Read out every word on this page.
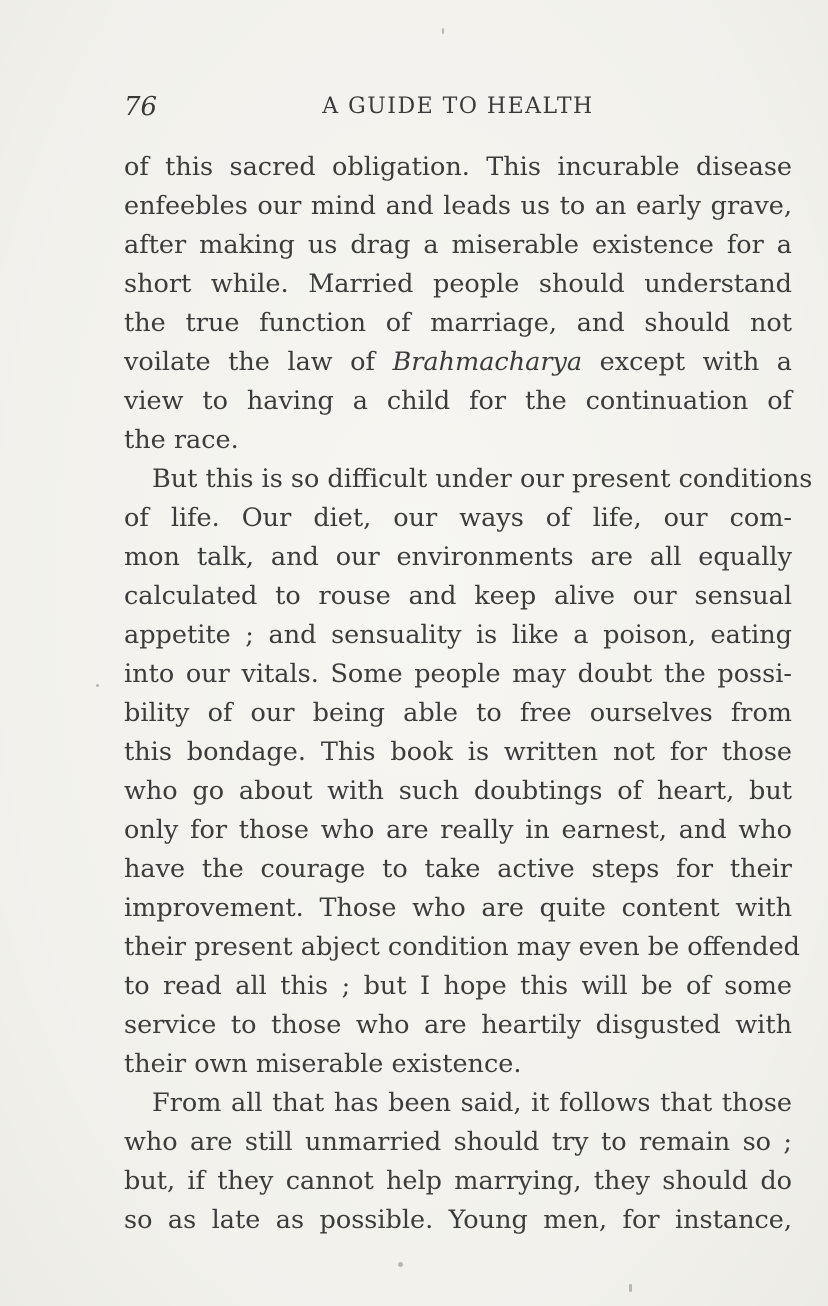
76	A GUIDE TO HEALTH
of this sacred obligation. This incurable disease
enfeebles our mind and leads us to an early grave,
after making us drag a miserable existence for a
short while. Married people should understand
the true function of marriage, and should not
voilate the law of Brahmacharya except with a
view to having a child for the continuation of
the race.
But this is so difficult under our present conditions
of life. Our diet, our ways of life, our com-
mon talk, and our environments are all equally
calculated to rouse and keep alive our sensual
appetite ; and sensuality is like a poison, eating
into our vitals. Some people may doubt the possi-
bility of our being able to free ourselves from
this bondage. This book is written not for those
who go about with such doubtings of heart, but
only for those who are really in earnest, and who
have the courage to take active steps for their
improvement. Those who are quite content with
their present abject condition may even be offended
to read all this ; but I hope this will be of some
service to those who are heartily disgusted with
their own miserable existence.
From all that has been said, it follows that those
who are still unmarried should try to remain so ;
but, if they cannot help marrying, they should do
so as late as possible. Young men, for instance,
